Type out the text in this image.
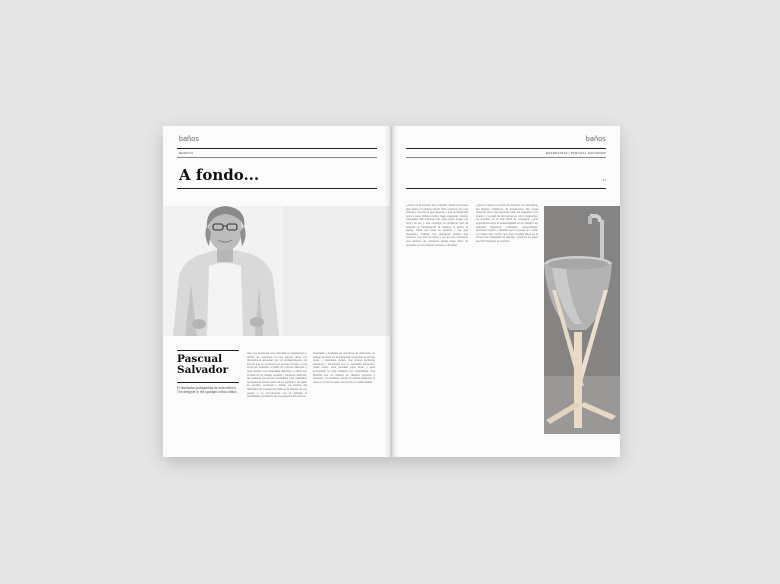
baños
ENSAYO
A fondo...
Pascual Salvador
El diseñador protagonista de esta edición. The designer in the spotlight of this edition.
Hay una tendencia muy marcada en arquitectura y diseño de interiores en los últimos años: los diseñadores apuestan por la protagonización de formas que se convierten en piezas icónicas, y una forma de entender el baño de manera diferente y más creativa. Los materiales naturales y nobles son la base de su trabajo creativo y elegante. Además, las maderas, los aceros inoxidables y los materiales compuestos forman parte de su repertorio. Su estilo es sencillo, funcional y eficaz. La historia del diseñador de muebles de baño es la historia de una pasión y un compromiso con la calidad, la durabilidad y la belleza de los espacios domésticos.
Diseñador y fundador de una firma de referencia, su trabajo se basa en la búsqueda constante de formas puras y materiales nobles. Sus piezas combinan artesanía y tecnología con un resultado atemporal. Cada objeto está pensado para durar y para acompañar la vida cotidiana con naturalidad. Una filosofía que se traduce en diseños sinceros y honestos, sin artificios, donde la materia habla por sí misma y la forma sigue a la función en cada detalle.
baños
ENTREVISTA | PASCUAL SALVADOR
47
¿Cómo es el proceso de un diseño, desde la primera idea hasta el producto final? Todo empieza con una intuición, una forma que aparece y que se desarrolla poco a poco. Dibujo mucho, hago maquetas, pruebo materiales. Me interesa que cada pieza tenga una razón de ser y que resuelva un problema real. El material es fundamental: la madera, el acero, la piedra. Cada uno tiene su carácter y hay que respetarlo. Trabajo con artesanos locales que conocen muy bien su oficio y con los que mantengo una relación de confianza desde hace años. El resultado es un producto honesto y duradero.
¿Qué le inspira a la hora de diseñar? La naturaleza, los objetos cotidianos, la arquitectura. Me gusta observar cómo las personas usan los espacios y los objetos, y a partir de ahí pienso en cómo mejorarlos. La sencillez es lo más difícil de conseguir. ¿Qué importancia tiene la sostenibilidad en su trabajo? Es esencial. Elegimos materiales responsables, procesos limpios y diseños que no pasan de moda. Un objeto bien hecho que dura muchos años es la forma más sostenible de diseñar. ¿Cuál es su pieza favorita? Siempre la próxima.
